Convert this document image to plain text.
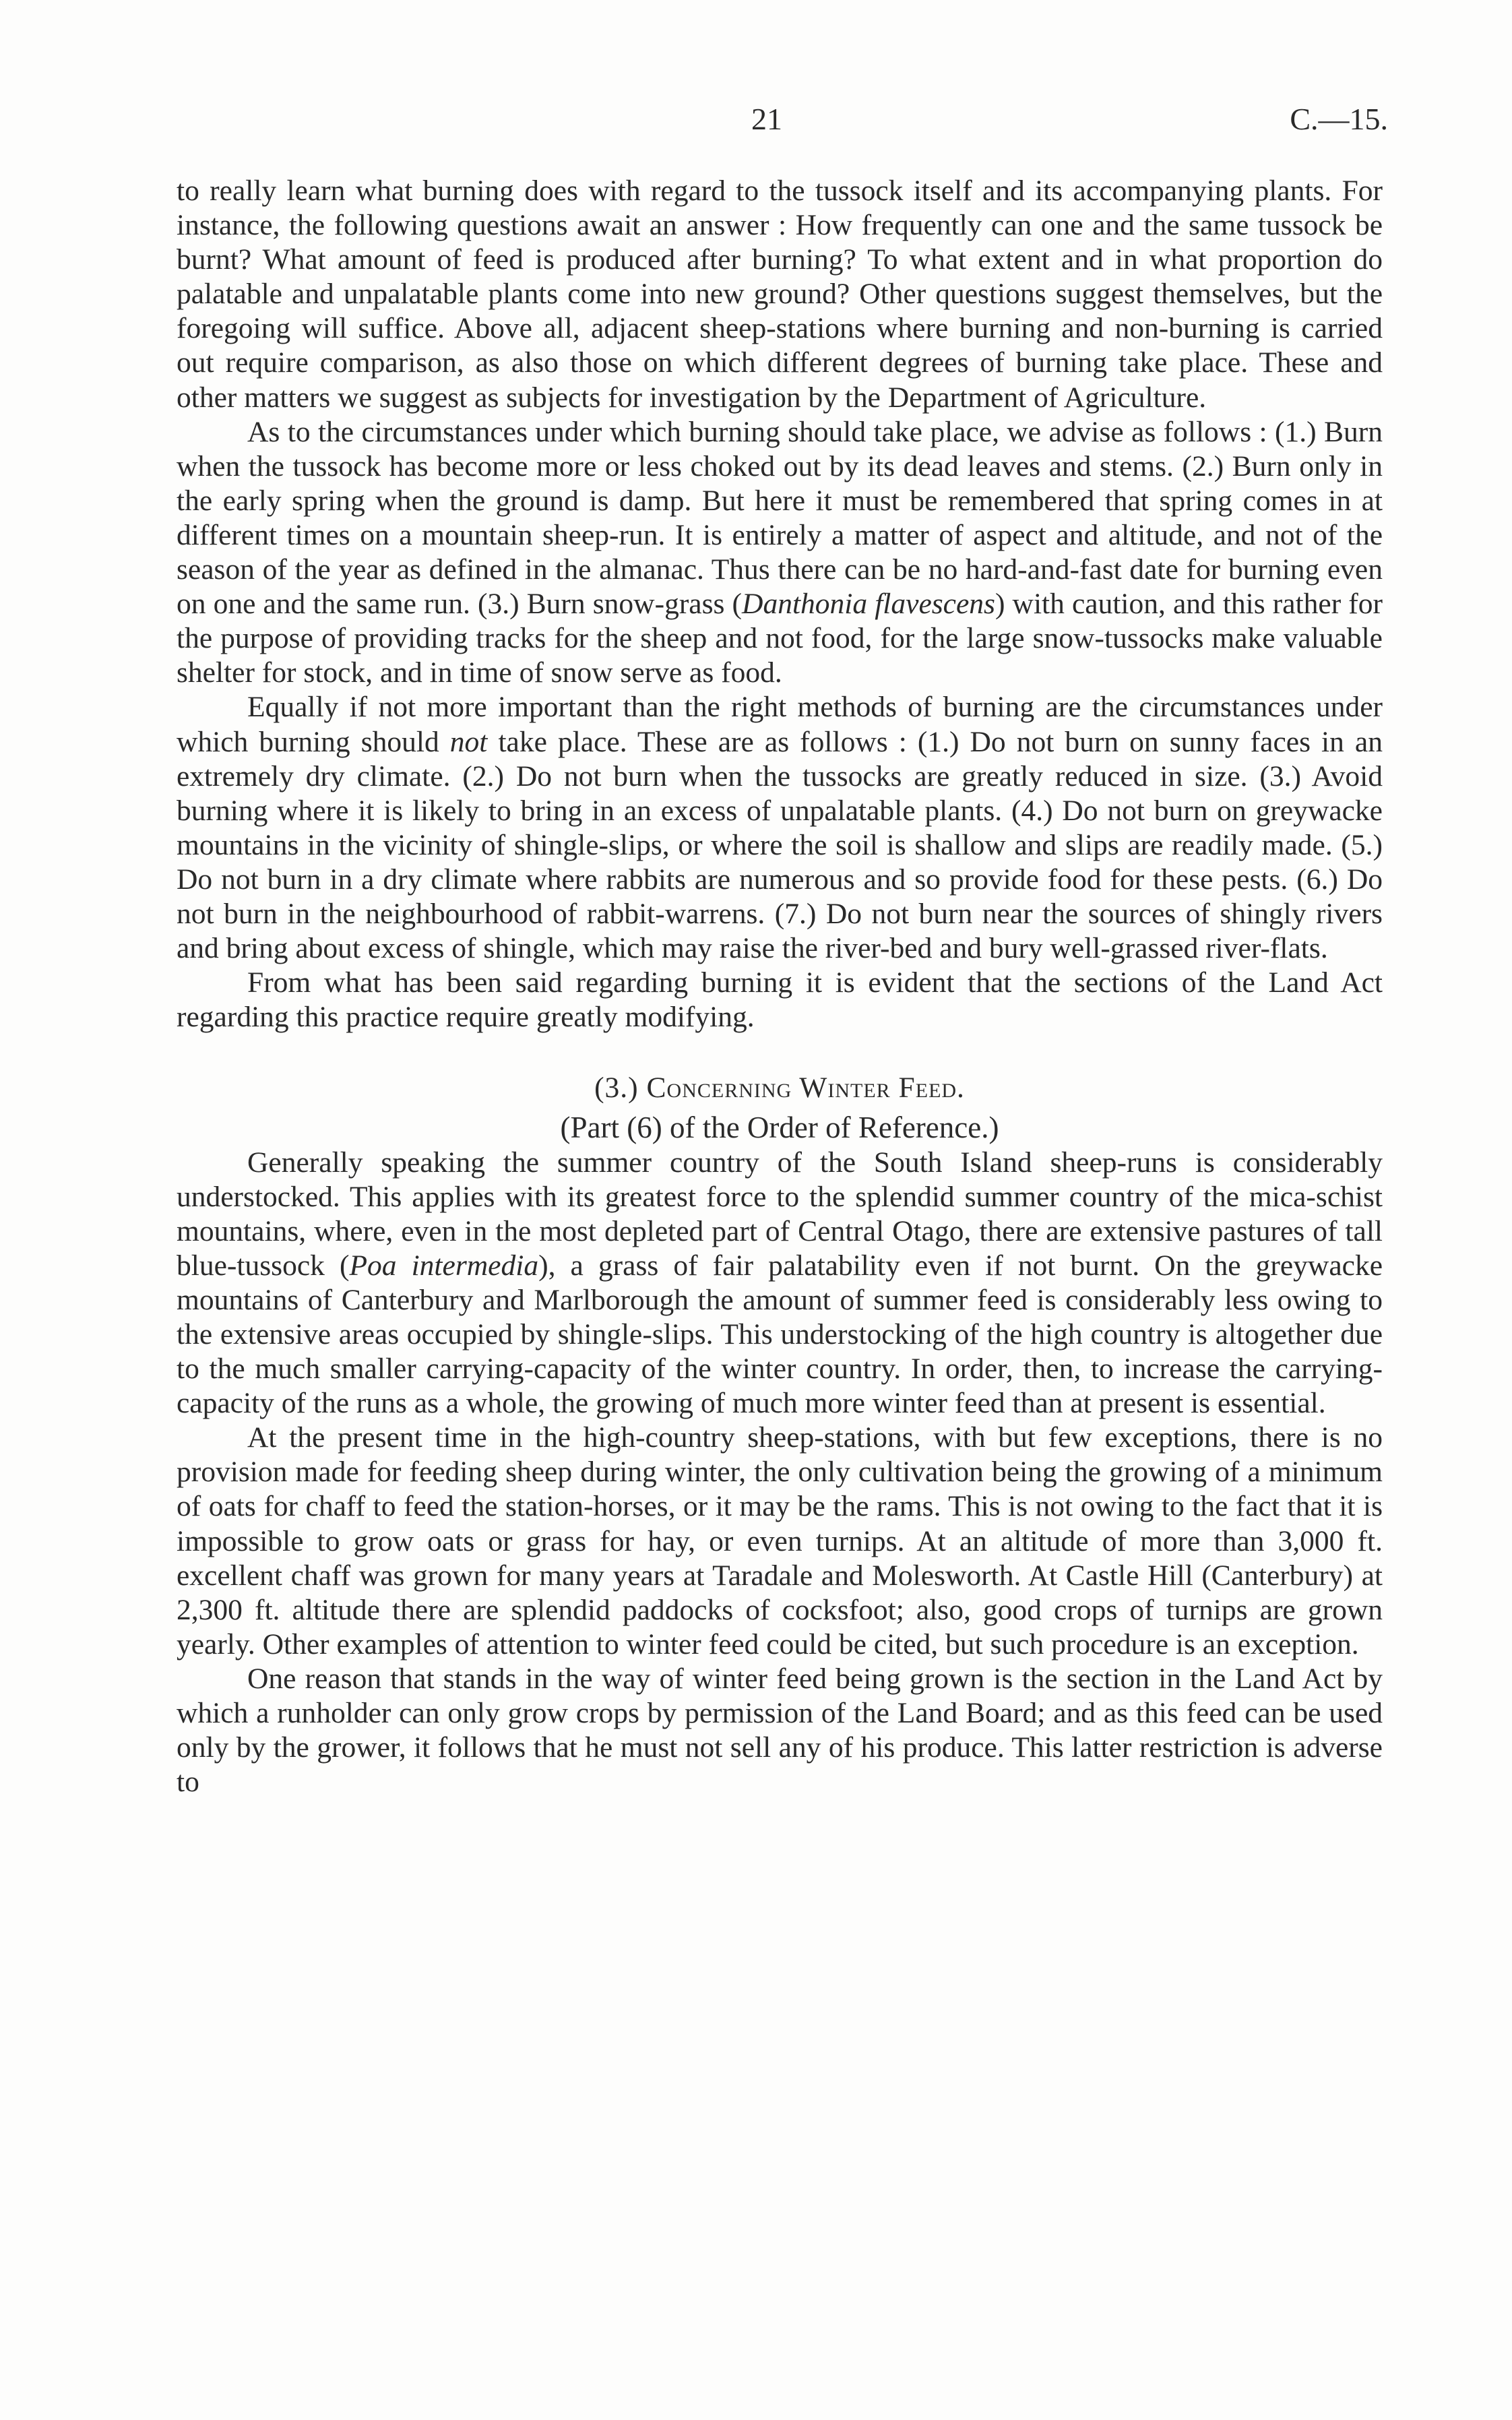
21	C.—15.

to really learn what burning does with regard to the tussock itself and its accompanying plants. For instance, the following questions await an answer : How frequently can one and the same tussock be burnt? What amount of feed is produced after burning? To what extent and in what proportion do palatable and unpalatable plants come into new ground? Other questions suggest themselves, but the foregoing will suffice. Above all, adjacent sheep-stations where burning and non-burning is carried out require comparison, as also those on which different degrees of burning take place. These and other matters we suggest as subjects for investigation by the Department of Agriculture.

As to the circumstances under which burning should take place, we advise as follows : (1.) Burn when the tussock has become more or less choked out by its dead leaves and stems. (2.) Burn only in the early spring when the ground is damp. But here it must be remembered that spring comes in at different times on a mountain sheep-run. It is entirely a matter of aspect and altitude, and not of the season of the year as defined in the almanac. Thus there can be no hard-and-fast date for burning even on one and the same run. (3.) Burn snow-grass (Danthonia flavescens) with caution, and this rather for the purpose of providing tracks for the sheep and not food, for the large snow-tussocks make valuable shelter for stock, and in time of snow serve as food.

Equally if not more important than the right methods of burning are the circumstances under which burning should not take place. These are as follows : (1.) Do not burn on sunny faces in an extremely dry climate. (2.) Do not burn when the tussocks are greatly reduced in size. (3.) Avoid burning where it is likely to bring in an excess of unpalatable plants. (4.) Do not burn on greywacke mountains in the vicinity of shingle-slips, or where the soil is shallow and slips are readily made. (5.) Do not burn in a dry climate where rabbits are numerous and so provide food for these pests. (6.) Do not burn in the neighbourhood of rabbit-warrens. (7.) Do not burn near the sources of shingly rivers and bring about excess of shingle, which may raise the river-bed and bury well-grassed river-flats.

From what has been said regarding burning it is evident that the sections of the Land Act regarding this practice require greatly modifying.

(3.) Concerning Winter Feed.

(Part (6) of the Order of Reference.)

Generally speaking the summer country of the South Island sheep-runs is considerably understocked. This applies with its greatest force to the splendid summer country of the mica-schist mountains, where, even in the most depleted part of Central Otago, there are extensive pastures of tall blue-tussock (Poa intermedia), a grass of fair palatability even if not burnt. On the greywacke mountains of Canterbury and Marlborough the amount of summer feed is considerably less owing to the extensive areas occupied by shingle-slips. This understocking of the high country is altogether due to the much smaller carrying-capacity of the winter country. In order, then, to increase the carrying-capacity of the runs as a whole, the growing of much more winter feed than at present is essential.

At the present time in the high-country sheep-stations, with but few exceptions, there is no provision made for feeding sheep during winter, the only cultivation being the growing of a minimum of oats for chaff to feed the station-horses, or it may be the rams. This is not owing to the fact that it is impossible to grow oats or grass for hay, or even turnips. At an altitude of more than 3,000 ft. excellent chaff was grown for many years at Taradale and Molesworth. At Castle Hill (Canterbury) at 2,300 ft. altitude there are splendid paddocks of cocksfoot; also, good crops of turnips are grown yearly. Other examples of attention to winter feed could be cited, but such procedure is an exception.

One reason that stands in the way of winter feed being grown is the section in the Land Act by which a runholder can only grow crops by permission of the Land Board; and as this feed can be used only by the grower, it follows that he must not sell any of his produce. This latter restriction is adverse to
